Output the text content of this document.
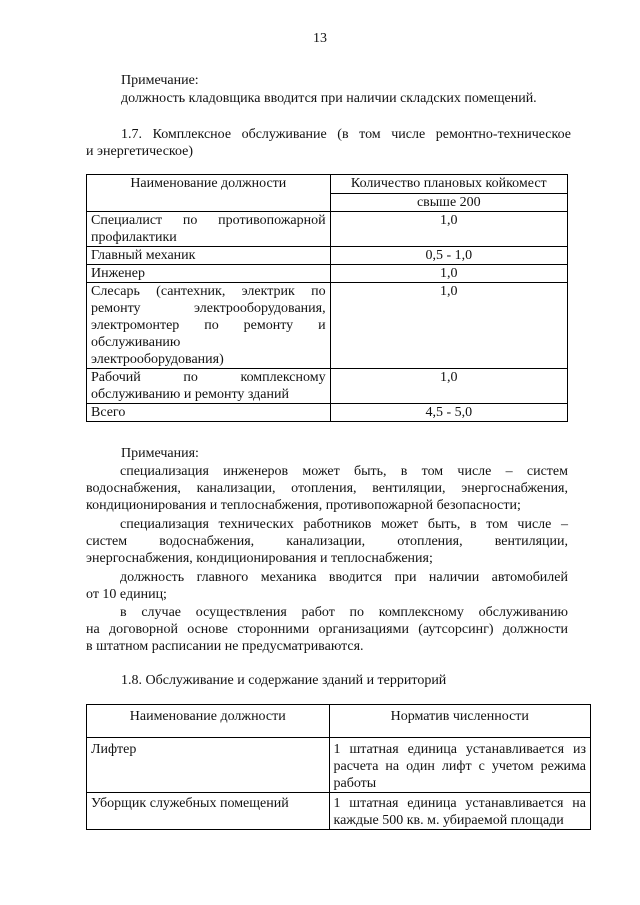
13
Примечание:
должность кладовщика вводится при наличии складских помещений.
1.7. Комплексное обслуживание (в том числе ремонтно-техническое
и энергетическое)
Наименование должности	Количество плановых койкомест
	свыше 200

Специалист по противопожарной
профилактики	1,0

Главный механик	0,5 - 1,0

Инженер	1,0

Слесарь (сантехник, электрик по
ремонту электрооборудования,
электромонтер по ремонту и
обслуживанию
электрооборудования)	1,0

Рабочий по комплексному
обслуживанию и ремонту зданий	1,0

Всего	4,5 - 5,0
Примечания:
специализация инженеров может быть, в том числе – систем
водоснабжения, канализации, отопления, вентиляции, энергоснабжения,
кондиционирования и теплоснабжения, противопожарной безопасности;
специализация технических работников может быть, в том числе –
систем водоснабжения, канализации, отопления, вентиляции,
энергоснабжения, кондиционирования и теплоснабжения;
должность главного механика вводится при наличии автомобилей
от 10 единиц;
в случае осуществления работ по комплексному обслуживанию
на договорной основе сторонними организациями (аутсорсинг) должности
в штатном расписании не предусматриваются.
1.8. Обслуживание и содержание зданий и территорий
Наименование должности	Норматив численности
Лифтер	1 штатная единица устанавливается из
расчета на один лифт с учетом режима
работы

Уборщик служебных помещений	1 штатная единица устанавливается на
каждые 500 кв. м. убираемой площади
